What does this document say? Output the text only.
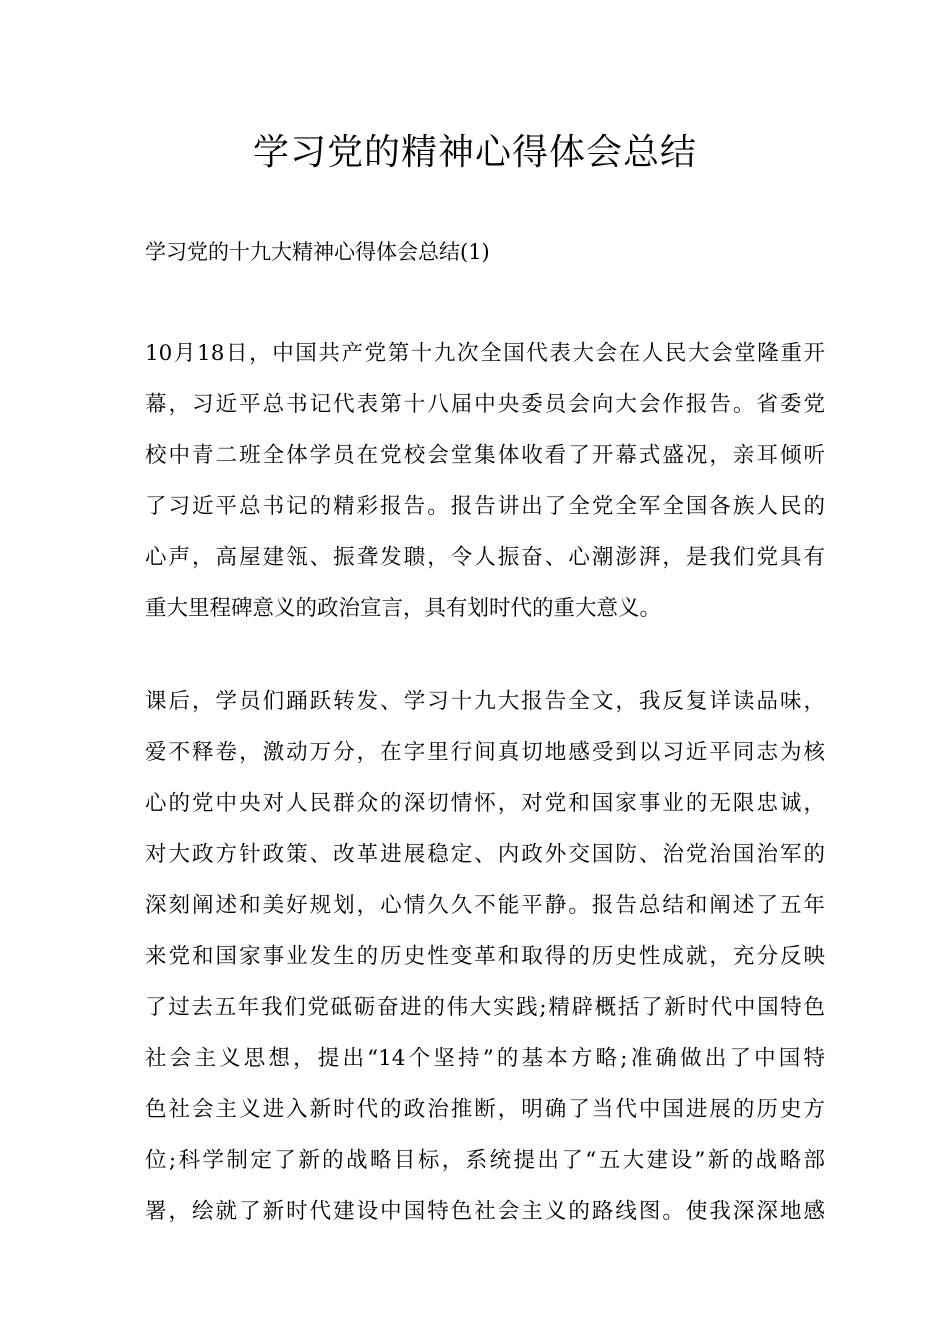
学习党的精神心得体会总结
学习党的十九大精神心得体会总结(1)
10月18日，中国共产党第十九次全国代表大会在人民大会堂隆重开
幕，习近平总书记代表第十八届中央委员会向大会作报告。省委党
校中青二班全体学员在党校会堂集体收看了开幕式盛况，亲耳倾听
了习近平总书记的精彩报告。报告讲出了全党全军全国各族人民的
心声，高屋建瓴、振聋发聩，令人振奋、心潮澎湃，是我们党具有
重大里程碑意义的政治宣言，具有划时代的重大意义。
课后，学员们踊跃转发、学习十九大报告全文，我反复详读品味，
爱不释卷，激动万分，在字里行间真切地感受到以习近平同志为核
心的党中央对人民群众的深切情怀，对党和国家事业的无限忠诚，
对大政方针政策、改革进展稳定、内政外交国防、治党治国治军的
深刻阐述和美好规划，心情久久不能平静。报告总结和阐述了五年
来党和国家事业发生的历史性变革和取得的历史性成就，充分反映
了过去五年我们党砥砺奋进的伟大实践;精辟概括了新时代中国特色
社会主义思想，提出“14个坚持”的基本方略;准确做出了中国特
色社会主义进入新时代的政治推断，明确了当代中国进展的历史方
位;科学制定了新的战略目标，系统提出了“五大建设”新的战略部
署，绘就了新时代建设中国特色社会主义的路线图。使我深深地感
